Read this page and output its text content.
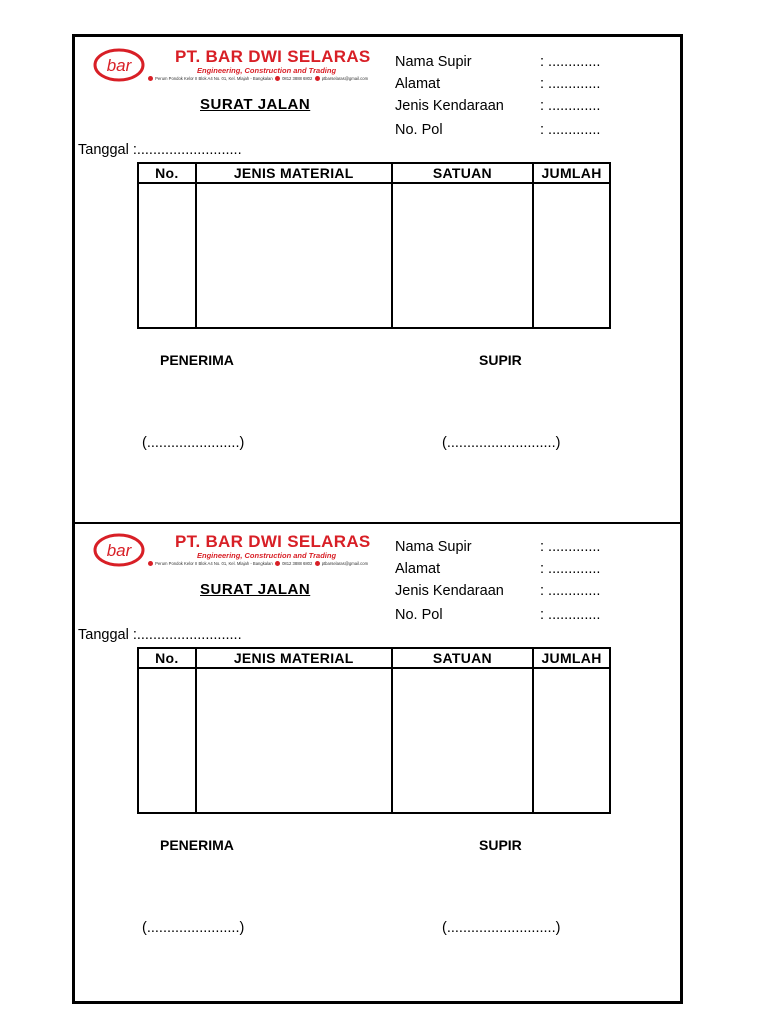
bar	PT. BAR DWI SELARAS
Engineering, Construction and Trading
Perum Pondok Kelor II Blok A4 No. 01, Kel. Mlajah - Bangkalan 0812 3888 6802 ptbarselaras@gmail.com
SURAT JALAN
Nama Supir	: .............
Alamat	: .............
Jenis Kendaraan : .............
No. Pol	: .............
Tanggal :..........................
No.	JENIS MATERIAL	SATUAN	JUMLAH

PENERIMA	SUPIR
(.......................)	(...........................)
bar	PT. BAR DWI SELARAS
Engineering, Construction and Trading
Perum Pondok Kelor II Blok A4 No. 01, Kel. Mlajah - Bangkalan 0812 3888 6802 ptbarselaras@gmail.com
SURAT JALAN
Nama Supir	: .............
Alamat	: .............
Jenis Kendaraan : .............
No. Pol	: .............
Tanggal :..........................
No.	JENIS MATERIAL	SATUAN	JUMLAH

PENERIMA	SUPIR
(.......................)	(...........................)
